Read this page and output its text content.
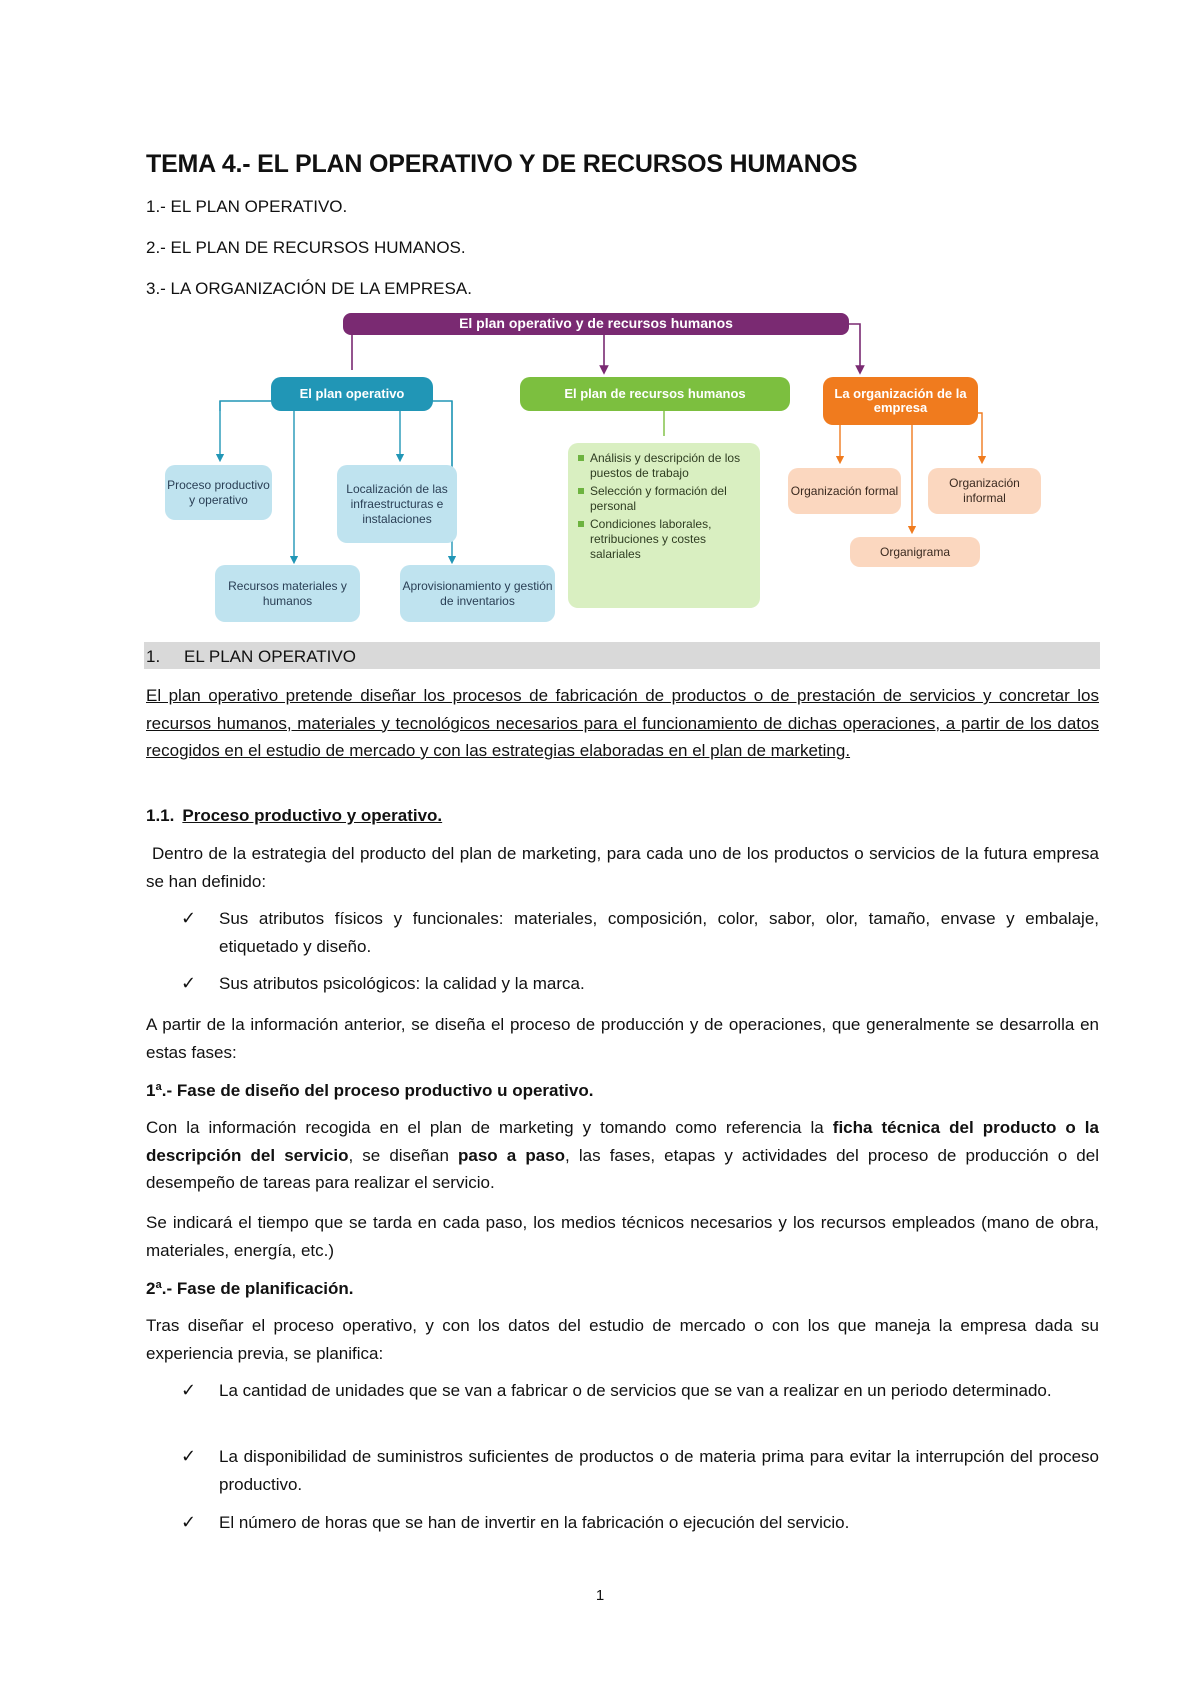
TEMA 4.- EL PLAN OPERATIVO Y DE RECURSOS HUMANOS
1.- EL PLAN OPERATIVO.
2.- EL PLAN DE RECURSOS HUMANOS.
3.- LA ORGANIZACIÓN DE LA EMPRESA.
El plan operativo y de recursos humanos
El plan operativo	El plan de recursos humanos	La organización de la empresa
Proceso productivo y operativo
Localización de las infraestructuras e instalaciones
Recursos materiales y humanos
Aprovisionamiento y gestión de inventarios
Análisis y descripción de los puestos de trabajo
Selección y formación del personal
Condiciones laborales, retribuciones y costes salariales
Organización formal
Organización informal
Organigrama
1. EL PLAN OPERATIVO
El plan operativo pretende diseñar los procesos de fabricación de productos o de prestación de servicios y concretar los recursos humanos, materiales y tecnológicos necesarios para el funcionamiento de dichas operaciones, a partir de los datos recogidos en el estudio de mercado y con las estrategias elaboradas en el plan de marketing.
1.1. Proceso productivo y operativo.
Dentro de la estrategia del producto del plan de marketing, para cada uno de los productos o servicios de la futura empresa se han definido:
✓ Sus atributos físicos y funcionales: materiales, composición, color, sabor, olor, tamaño, envase y embalaje, etiquetado y diseño.
✓ Sus atributos psicológicos: la calidad y la marca.
A partir de la información anterior, se diseña el proceso de producción y de operaciones, que generalmente se desarrolla en estas fases:
1ª.- Fase de diseño del proceso productivo u operativo.
Con la información recogida en el plan de marketing y tomando como referencia la ficha técnica del producto o la descripción del servicio, se diseñan paso a paso, las fases, etapas y actividades del proceso de producción o del desempeño de tareas para realizar el servicio.
Se indicará el tiempo que se tarda en cada paso, los medios técnicos necesarios y los recursos empleados (mano de obra, materiales, energía, etc.)
2ª.- Fase de planificación.
Tras diseñar el proceso operativo, y con los datos del estudio de mercado o con los que maneja la empresa dada su experiencia previa, se planifica:
✓ La cantidad de unidades que se van a fabricar o de servicios que se van a realizar en un periodo determinado.
✓ La disponibilidad de suministros suficientes de productos o de materia prima para evitar la interrupción del proceso productivo.
✓ El número de horas que se han de invertir en la fabricación o ejecución del servicio.
1
